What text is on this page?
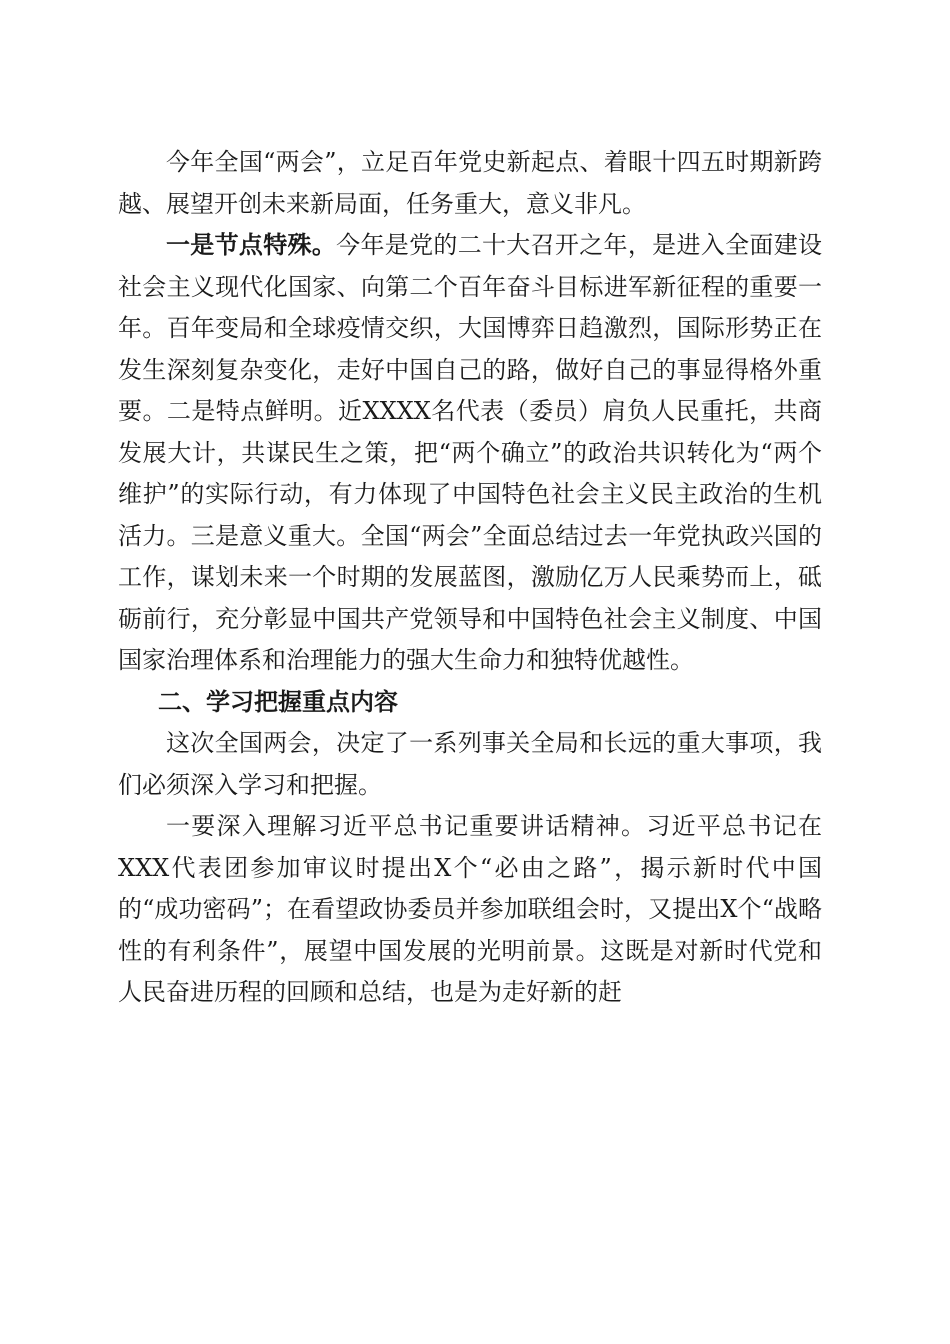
今年全国“两会”，立足百年党史新起点、着眼十四五时期新跨越、展望开创未来新局面，任务重大，意义非凡。

一是节点特殊。今年是党的二十大召开之年，是进入全面建设社会主义现代化国家、向第二个百年奋斗目标进军新征程的重要一年。百年变局和全球疫情交织，大国博弈日趋激烈，国际形势正在发生深刻复杂变化，走好中国自己的路，做好自己的事显得格外重要。二是特点鲜明。近XXXX名代表（委员）肩负人民重托，共商发展大计，共谋民生之策，把“两个确立”的政治共识转化为“两个维护”的实际行动，有力体现了中国特色社会主义民主政治的生机活力。三是意义重大。全国“两会”全面总结过去一年党执政兴国的工作，谋划未来一个时期的发展蓝图，激励亿万人民乘势而上，砥砺前行，充分彰显中国共产党领导和中国特色社会主义制度、中国国家治理体系和治理能力的强大生命力和独特优越性。

二、学习把握重点内容

这次全国两会，决定了一系列事关全局和长远的重大事项，我们必须深入学习和把握。

一要深入理解习近平总书记重要讲话精神。习近平总书记在XXX代表团参加审议时提出X个“必由之路”，揭示新时代中国的“成功密码”；在看望政协委员并参加联组会时，又提出X个“战略性的有利条件”，展望中国发展的光明前景。这既是对新时代党和人民奋进历程的回顾和总结，也是为走好新的赶
